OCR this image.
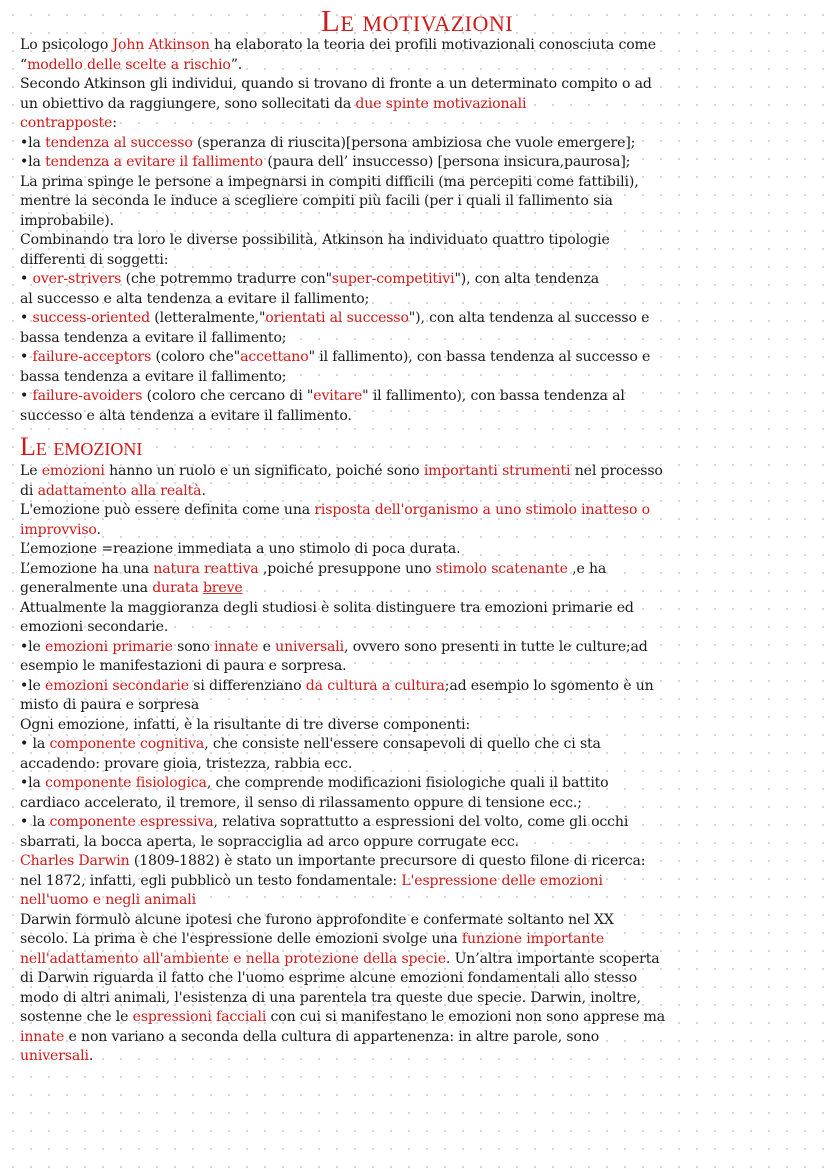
Le motivazioni
Lo psicologo John Atkinson ha elaborato la teoria dei profili motivazionali conosciuta come
“modello delle scelte a rischio”.
Secondo Atkinson gli individui, quando si trovano di fronte a un determinato compito o ad
un obiettivo da raggiungere, sono sollecitati da due spinte motivazionali
contrapposte:
•la tendenza al successo (speranza di riuscita)[persona ambiziosa che vuole emergere];
•la tendenza a evitare il fallimento (paura dell’ insuccesso) [persona insicura,paurosa];
La prima spinge le persone a impegnarsi in compiti difficili (ma percepiti come fattibili),
mentre la seconda le induce a scegliere compiti più facili (per i quali il fallimento sia
improbabile).
Combinando tra loro le diverse possibilità, Atkinson ha individuato quattro tipologie
differenti di soggetti:
• over-strivers (che potremmo tradurre con"super-competitivi"), con alta tendenza
al successo e alta tendenza a evitare il fallimento;
• success-oriented (letteralmente,"orientati al successo"), con alta tendenza al successo e
bassa tendenza a evitare il fallimento;
• failure-acceptors (coloro che"accettano" il fallimento), con bassa tendenza al successo e
bassa tendenza a evitare il fallimento;
• failure-avoiders (coloro che cercano di "evitare" il fallimento), con bassa tendenza al
successo e alta tendenza a evitare il fallimento.
Le emozioni
Le emozioni hanno un ruolo e un significato, poiché sono importanti strumenti nel processo
di adattamento alla realtà.
L'emozione può essere definita come una risposta dell'organismo a uno stimolo inatteso o
improvviso.
L’emozione =reazione immediata a uno stimolo di poca durata.
L’emozione ha una natura reattiva ,poiché presuppone uno stimolo scatenante ,e ha
generalmente una durata breve
Attualmente la maggioranza degli studiosi è solita distinguere tra emozioni primarie ed
emozioni secondarie.
•le emozioni primarie sono innate e universali, ovvero sono presenti in tutte le culture;ad
esempio le manifestazioni di paura e sorpresa.
•le emozioni secondarie si differenziano da cultura a cultura;ad esempio lo sgomento è un
misto di paura e sorpresa
Ogni emozione, infatti, è la risultante di tre diverse componenti:
• la componente cognitiva, che consiste nell'essere consapevoli di quello che ci sta
accadendo: provare gioia, tristezza, rabbia ecc.
•la componente fisiologica, che comprende modificazioni fisiologiche quali il battito
cardiaco accelerato, il tremore, il senso di rilassamento oppure di tensione ecc.;
• la componente espressiva, relativa soprattutto a espressioni del volto, come gli occhi
sbarrati, la bocca aperta, le sopracciglia ad arco oppure corrugate ecc.
Charles Darwin (1809-1882) è stato un importante precursore di questo filone di ricerca:
nel 1872, infatti, egli pubblicò un testo fondamentale: L'espressione delle emozioni
nell'uomo e negli animali
Darwin formulò alcune ipotesi che furono approfondite e confermate soltanto nel XX
secolo. La prima è che l'espressione delle emozioni svolge una funzione importante
nell'adattamento all'ambiente e nella protezione della specie. Un’altra importante scoperta
di Darwin riguarda il fatto che l'uomo esprime alcune emozioni fondamentali allo stesso
modo di altri animali, l'esistenza di una parentela tra queste due specie. Darwin, inoltre,
sostenne che le espressioni facciali con cui si manifestano le emozioni non sono apprese ma
innate e non variano a seconda della cultura di appartenenza: in altre parole, sono
universali.
